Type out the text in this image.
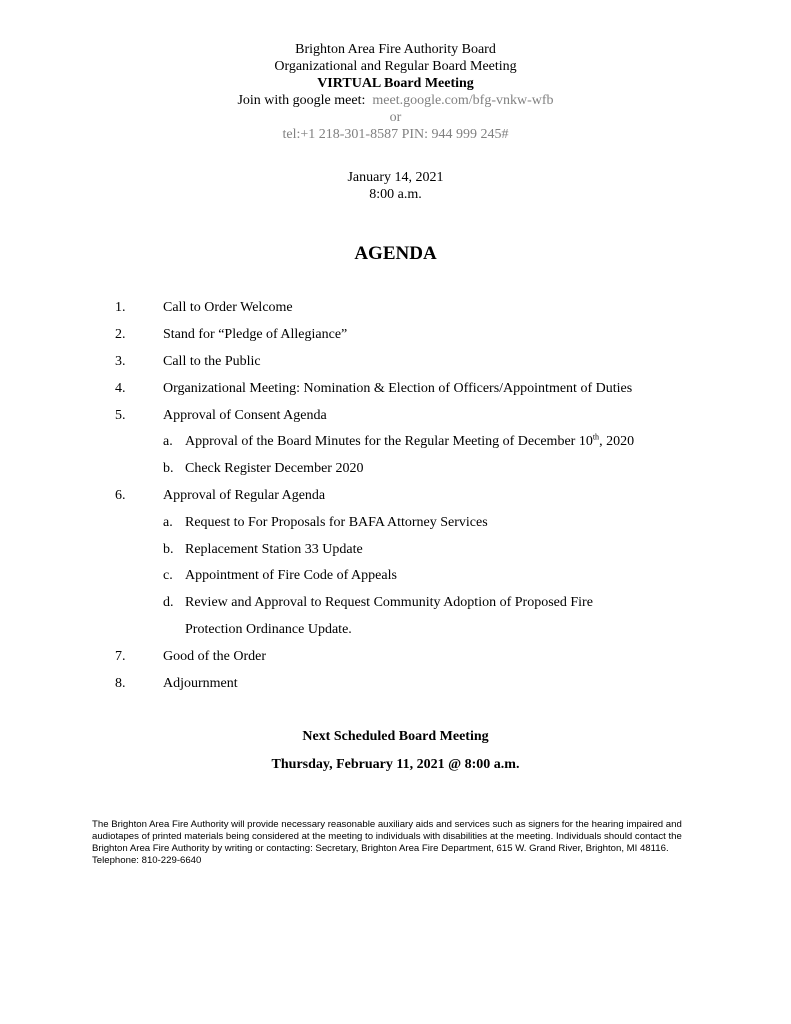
Brighton Area Fire Authority Board
Organizational and Regular Board Meeting
VIRTUAL Board Meeting
Join with google meet: meet.google.com/bfg-vnkw-wfb
or
tel:+1 218-301-8587 PIN: 944 999 245#
January 14, 2021
8:00 a.m.
AGENDA
1.	Call to Order Welcome
2.	Stand for “Pledge of Allegiance”
3.	Call to the Public
4.	Organizational Meeting: Nomination & Election of Officers/Appointment of Duties
5.	Approval of Consent Agenda
a. Approval of the Board Minutes for the Regular Meeting of December 10th, 2020
b. Check Register December 2020
6.	Approval of Regular Agenda
a. Request to For Proposals for BAFA Attorney Services
b. Replacement Station 33 Update
c. Appointment of Fire Code of Appeals
d. Review and Approval to Request Community Adoption of Proposed Fire
Protection Ordinance Update.
7.	Good of the Order
8.	Adjournment
Next Scheduled Board Meeting
Thursday, February 11, 2021 @ 8:00 a.m.
The Brighton Area Fire Authority will provide necessary reasonable auxiliary aids and services such as signers for the hearing impaired and audiotapes of printed materials being considered at the meeting to individuals with disabilities at the meeting. Individuals should contact the Brighton Area Fire Authority by writing or contacting: Secretary, Brighton Area Fire Department, 615 W. Grand River, Brighton, MI 48116. Telephone: 810-229-6640
